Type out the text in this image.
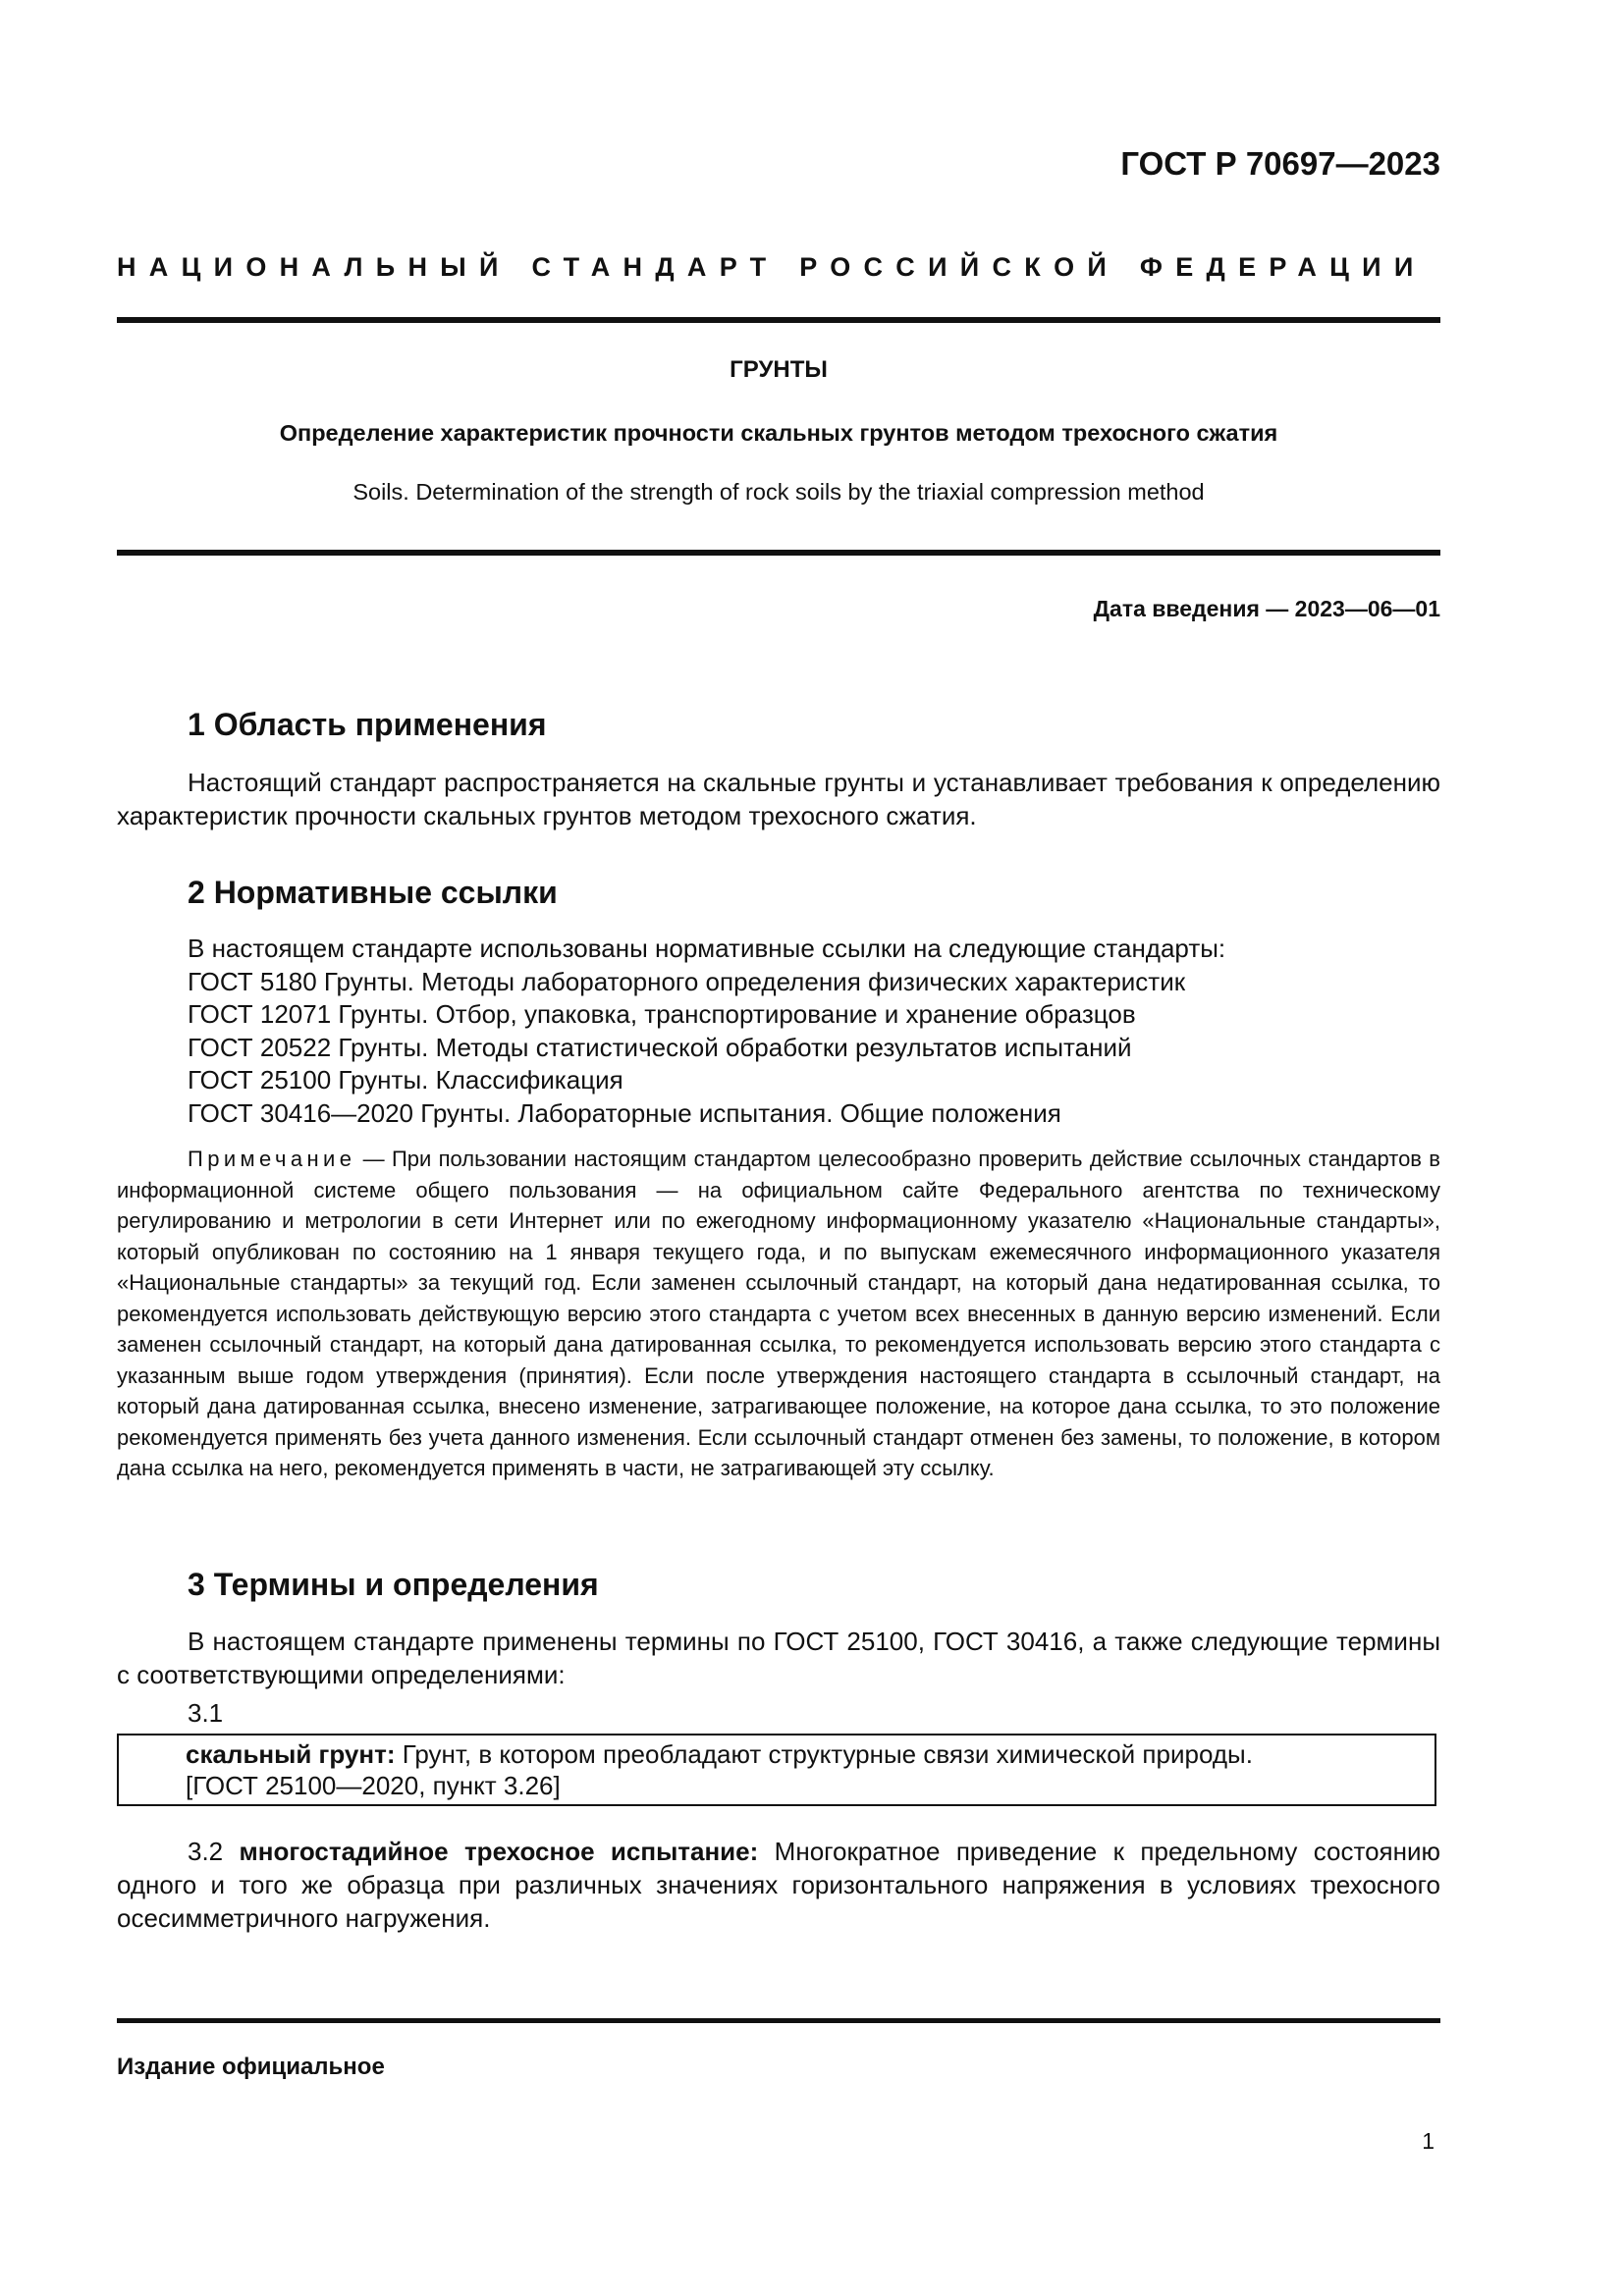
ГОСТ Р 70697—2023
НАЦИОНАЛЬНЫЙ СТАНДАРТ РОССИЙСКОЙ ФЕДЕРАЦИИ
ГРУНТЫ
Определение характеристик прочности скальных грунтов методом трехосного сжатия
Soils. Determination of the strength of rock soils by the triaxial compression method
Дата введения — 2023—06—01
1 Область применения
Настоящий стандарт распространяется на скальные грунты и устанавливает требования к определению характеристик прочности скальных грунтов методом трехосного сжатия.
2 Нормативные ссылки
В настоящем стандарте использованы нормативные ссылки на следующие стандарты:
ГОСТ 5180 Грунты. Методы лабораторного определения физических характеристик
ГОСТ 12071 Грунты. Отбор, упаковка, транспортирование и хранение образцов
ГОСТ 20522 Грунты. Методы статистической обработки результатов испытаний
ГОСТ 25100 Грунты. Классификация
ГОСТ 30416—2020 Грунты. Лабораторные испытания. Общие положения
Примечание — При пользовании настоящим стандартом целесообразно проверить действие ссылочных стандартов в информационной системе общего пользования — на официальном сайте Федерального агентства по техническому регулированию и метрологии в сети Интернет или по ежегодному информационному указателю «Национальные стандарты», который опубликован по состоянию на 1 января текущего года, и по выпускам ежемесячного информационного указателя «Национальные стандарты» за текущий год. Если заменен ссылочный стандарт, на который дана недатированная ссылка, то рекомендуется использовать действующую версию этого стандарта с учетом всех внесенных в данную версию изменений. Если заменен ссылочный стандарт, на который дана датированная ссылка, то рекомендуется использовать версию этого стандарта с указанным выше годом утверждения (принятия). Если после утверждения настоящего стандарта в ссылочный стандарт, на который дана датированная ссылка, внесено изменение, затрагивающее положение, на которое дана ссылка, то это положение рекомендуется применять без учета данного изменения. Если ссылочный стандарт отменен без замены, то положение, в котором дана ссылка на него, рекомендуется применять в части, не затрагивающей эту ссылку.
3 Термины и определения
В настоящем стандарте применены термины по ГОСТ 25100, ГОСТ 30416, а также следующие термины с соответствующими определениями:
3.1
скальный грунт: Грунт, в котором преобладают структурные связи химической природы.
[ГОСТ 25100—2020, пункт 3.26]
3.2 многостадийное трехосное испытание: Многократное приведение к предельному состоянию одного и того же образца при различных значениях горизонтального напряжения в условиях трехосного осесимметричного нагружения.
Издание официальное
1
